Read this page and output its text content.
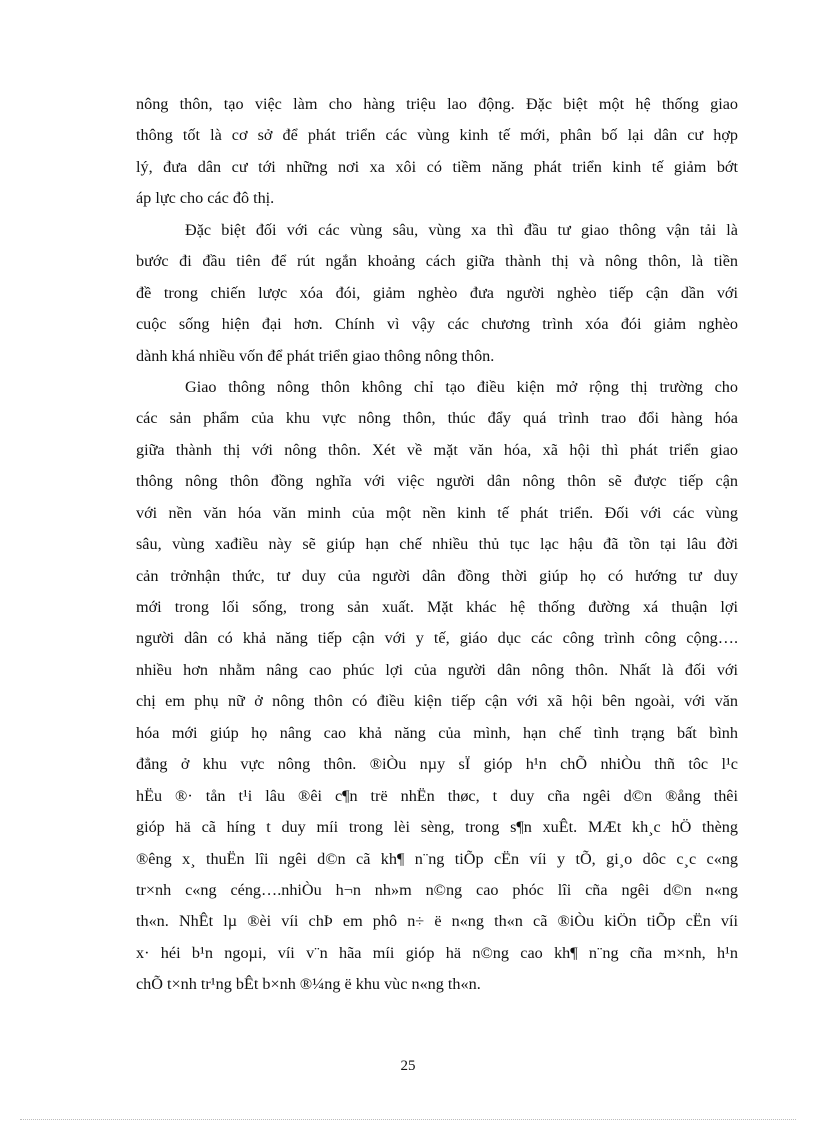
nông thôn, tạo việc làm cho hàng triệu lao động. Đặc biệt một hệ thống giao
thông tốt là cơ sở để phát triển các vùng kinh tế mới, phân bố lại dân cư hợp
lý, đưa dân cư tới những nơi xa xôi có tiềm năng phát triển kinh tế giảm bớt
áp lực cho các đô thị.
Đặc biệt đối với các vùng sâu, vùng xa thì đầu tư giao thông vận tải là
bước đi đầu tiên để rút ngắn khoảng cách giữa thành thị và nông thôn, là tiền
đề trong chiến lược xóa đói, giảm nghèo đưa người nghèo tiếp cận dần với
cuộc sống hiện đại hơn. Chính vì vậy các chương trình xóa đói giảm nghèo
dành khá nhiều vốn để phát triển giao thông nông thôn.
Giao thông nông thôn không chỉ tạo điều kiện mở rộng thị trường cho
các sản phẩm của khu vực nông thôn, thúc đẩy quá trình trao đổi hàng hóa
giữa thành thị với nông thôn. Xét về mặt văn hóa, xã hội thì phát triển giao
thông nông thôn đồng nghĩa với việc người dân nông thôn sẽ được tiếp cận
với nền văn hóa văn minh của một nền kinh tế phát triển. Đối với các vùng
sâu, vùng xađiều này sẽ giúp hạn chế nhiều thủ tục lạc hậu đã tồn tại lâu đời
cản trởnhận thức, tư duy của người dân đồng thời giúp họ có hướng tư duy
mới trong lối sống, trong sản xuất. Mặt khác hệ thống đường xá thuận lợi
người dân có khả năng tiếp cận với y tế, giáo dục các công trình công cộng….
nhiều hơn nhằm nâng cao phúc lợi của người dân nông thôn. Nhất là đối với
chị em phụ nữ ở nông thôn có điều kiện tiếp cận với xã hội bên ngoài, với văn
hóa mới giúp họ nâng cao khả năng của mình, hạn chế tình trạng bất bình
đẳng ở khu vực nông thôn. ®iÒu nµy sÏ gióp h¹n chÕ nhiÒu thñ tôc l¹c
hËu ®· tån t¹i lâu ®êi c¶n trë nhËn thøc, t duy cña ngêi d©n ®ång thêi
gióp hä cã híng t duy míi trong lèi sèng, trong s¶n xuÊt. MÆt kh¸c hÖ thèng
®êng x¸ thuËn lîi ngêi d©n cã kh¶ n¨ng tiÕp cËn víi y tÕ, gi¸o dôc c¸c c«ng
tr×nh c«ng céng….nhiÒu h¬n nh»m n©ng cao phóc lîi cña ngêi d©n n«ng
th«n. NhÊt lµ ®èi víi chÞ em phô n÷ ë n«ng th«n cã ®iÒu kiÖn tiÕp cËn víi
x· héi b¹n ngoµi, víi v¨n hãa míi gióp hä n©ng cao kh¶ n¨ng cña m×nh, h¹n
chÕ t×nh tr¹ng bÊt b×nh ®¼ng ë khu vùc n«ng th«n.
25
